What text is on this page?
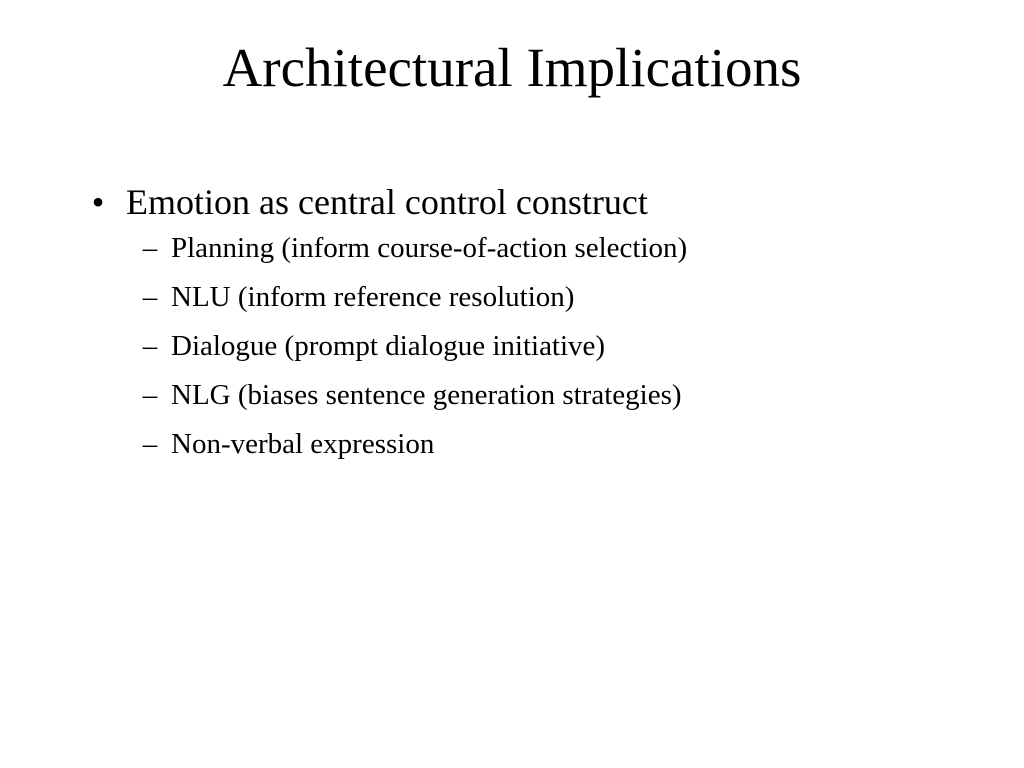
Architectural Implications
• Emotion as central control construct
– Planning (inform course-of-action selection)
– NLU (inform reference resolution)
– Dialogue (prompt dialogue initiative)
– NLG (biases sentence generation strategies)
– Non-verbal expression
